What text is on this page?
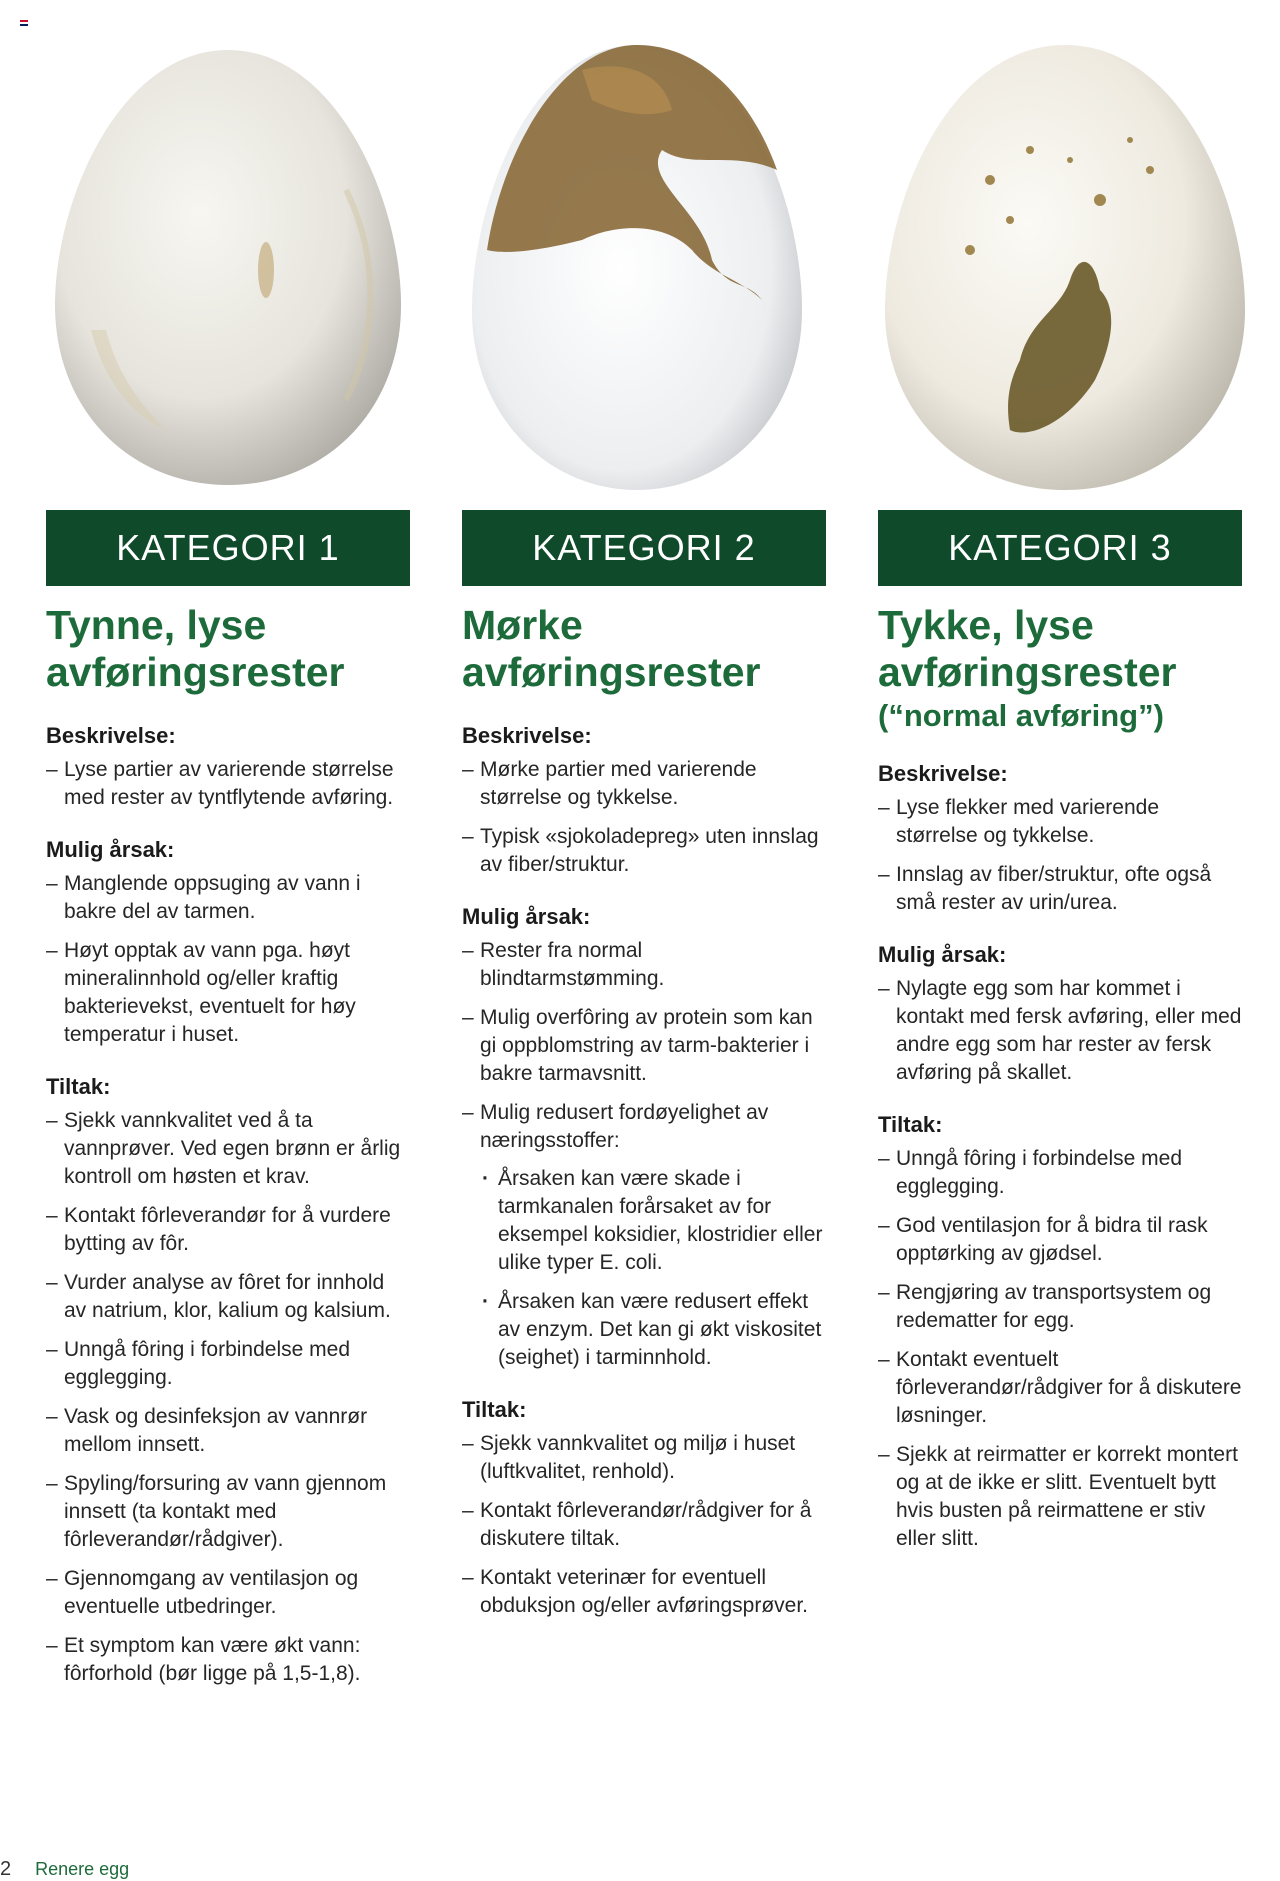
KATEGORI 1
Tynne, lyse avføringsrester
Beskrivelse:
– Lyse partier av varierende størrelse med rester av tyntflytende avføring.
Mulig årsak:
– Manglende oppsuging av vann i bakre del av tarmen.
– Høyt opptak av vann pga. høyt mineralinnhold og/eller kraftig bakterievekst, eventuelt for høy temperatur i huset.
Tiltak:
– Sjekk vannkvalitet ved å ta vannprøver. Ved egen brønn er årlig kontroll om høsten et krav.
– Kontakt fôrleverandør for å vurdere bytting av fôr.
– Vurder analyse av fôret for innhold av natrium, klor, kalium og kalsium.
– Unngå fôring i forbindelse med egglegging.
– Vask og desinfeksjon av vannrør mellom innsett.
– Spyling/forsuring av vann gjennom innsett (ta kontakt med fôrleverandør/rådgiver).
– Gjennomgang av ventilasjon og eventuelle utbedringer.
– Et symptom kan være økt vann: fôrforhold (bør ligge på 1,5-1,8).
KATEGORI 2
Mørke avføringsrester
Beskrivelse:
– Mørke partier med varierende størrelse og tykkelse.
– Typisk «sjokoladepreg» uten innslag av fiber/struktur.
Mulig årsak:
– Rester fra normal blindtarmstømming.
– Mulig overfôring av protein som kan gi oppblomstring av tarm-bakterier i bakre tarmavsnitt.
– Mulig redusert fordøyelighet av næringsstoffer:
· Årsaken kan være skade i tarmkanalen forårsaket av for eksempel koksidier, klostridier eller ulike typer E. coli.
· Årsaken kan være redusert effekt av enzym. Det kan gi økt viskositet (seighet) i tarminnhold.
Tiltak:
– Sjekk vannkvalitet og miljø i huset (luftkvalitet, renhold).
– Kontakt fôrleverandør/rådgiver for å diskutere tiltak.
– Kontakt veterinær for eventuell obduksjon og/eller avføringsprøver.
KATEGORI 3
Tykke, lyse avføringsrester
(“normal avføring”)
Beskrivelse:
– Lyse flekker med varierende størrelse og tykkelse.
– Innslag av fiber/struktur, ofte også små rester av urin/urea.
Mulig årsak:
– Nylagte egg som har kommet i kontakt med fersk avføring, eller med andre egg som har rester av fersk avføring på skallet.
Tiltak:
– Unngå fôring i forbindelse med egglegging.
– God ventilasjon for å bidra til rask opptørking av gjødsel.
– Rengjøring av transportsystem og redematter for egg.
– Kontakt eventuelt fôrleverandør/rådgiver for å diskutere løsninger.
– Sjekk at reirmatter er korrekt montert og at de ikke er slitt. Eventuelt bytt hvis busten på reirmattene er stiv eller slitt.
2 Renere egg
